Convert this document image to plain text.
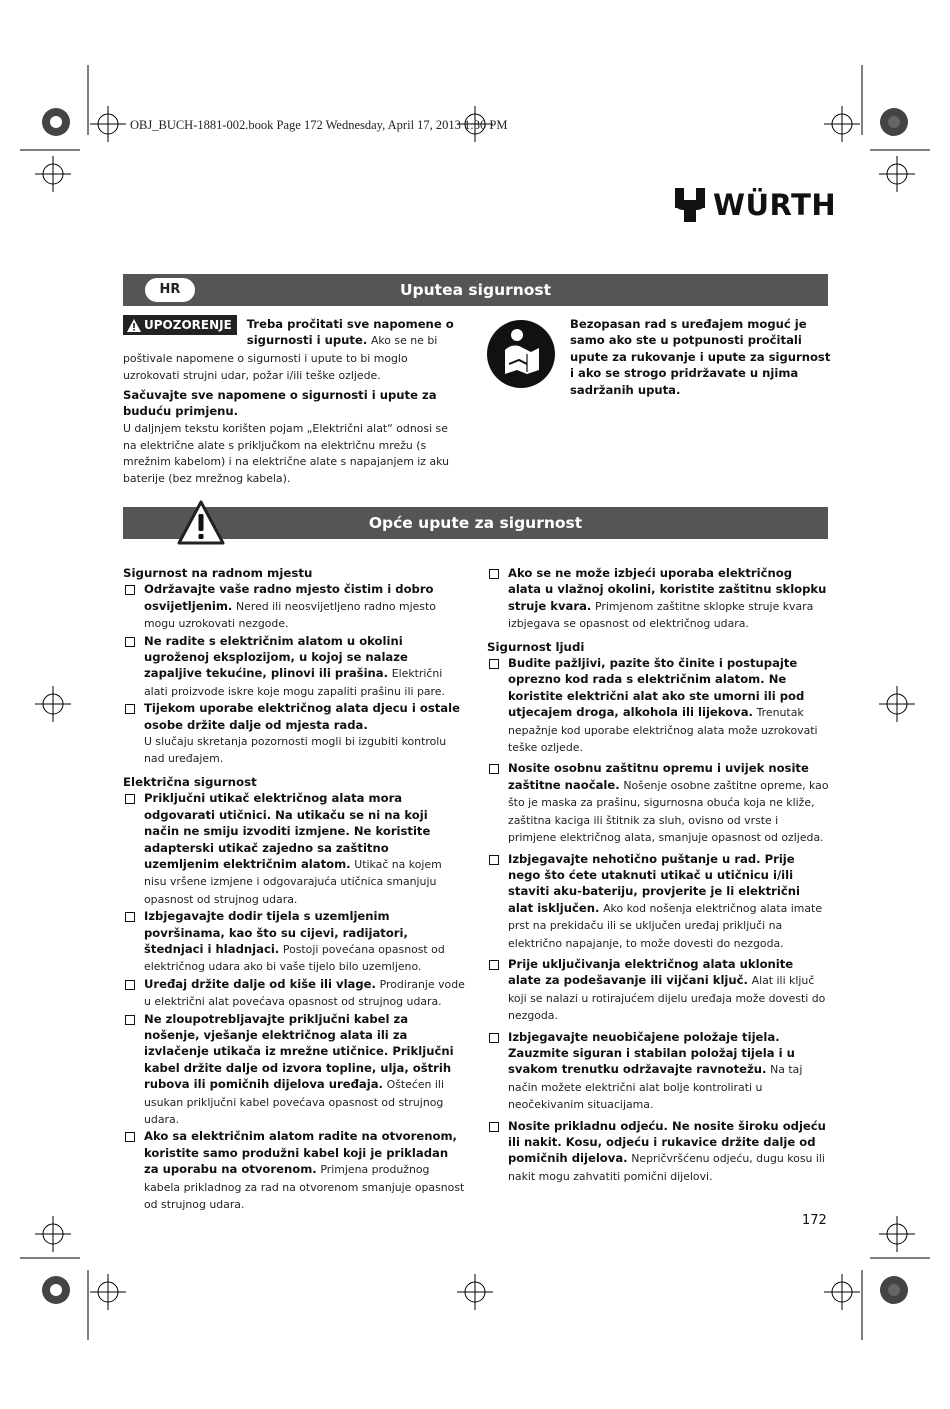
OBJ_BUCH-1881-002.book Page 172 Wednesday, April 17, 2013 1:30 PM
WÜRTH
HR	Uputea sigurnost

UPOZORENJE Treba pročitati sve napomene o sigurnosti i upute. Ako se ne bi poštivale napomene o sigurnosti i upute to bi moglo uzrokovati strujni udar, požar i/ili teške ozljede.

Sačuvajte sve napomene o sigurnosti i upute za buduću primjenu.

U daljnjem tekstu korišten pojam „Električni alat“ odnosi se na električne alate s priključkom na električnu mrežu (s mrežnim kabelom) i na električne alate s napajanjem iz aku baterije (bez mrežnog kabela).

Bezopasan rad s uređajem moguć je samo ako ste u potpunosti pročitali upute za rukovanje i upute za sigurnost i ako se strogo pridržavate u njima sadržanih uputa.
Opće upute za sigurnost

Sigurnost na radnom mjestu

Održavajte vaše radno mjesto čistim i dobro osvijetljenim. Nered ili neosvijetljeno radno mjesto mogu uzrokovati nezgode.

Ne radite s električnim alatom u okolini ugroženoj eksplozijom, u kojoj se nalaze zapaljive tekućine, plinovi ili prašina. Električni alati proizvode iskre koje mogu zapaliti prašinu ili pare.

Tijekom uporabe električnog alata djecu i ostale osobe držite dalje od mjesta rada.
U slučaju skretanja pozornosti mogli bi izgubiti kontrolu nad uređajem.

Električna sigurnost

Priključni utikač električnog alata mora odgovarati utičnici. Na utikaču se ni na koji način ne smiju izvoditi izmjene. Ne koristite adapterski utikač zajedno sa zaštitno uzemljenim električnim alatom. Utikač na kojem nisu vršene izmjene i odgovarajuća utičnica smanjuju opasnost od strujnog udara.

Izbjegavajte dodir tijela s uzemljenim površinama, kao što su cijevi, radijatori, štednjaci i hladnjaci. Postoji povećana opasnost od električnog udara ako bi vaše tijelo bilo uzemljeno.

Uređaj držite dalje od kiše ili vlage. Prodiranje vode u električni alat povećava opasnost od strujnog udara.

Ne zloupotrebljavajte priključni kabel za nošenje, vješanje električnog alata ili za izvlačenje utikača iz mrežne utičnice. Priključni kabel držite dalje od izvora topline, ulja, oštrih rubova ili pomičnih dijelova uređaja. Oštećen ili usukan priključni kabel povećava opasnost od strujnog udara.

Ako sa električnim alatom radite na otvorenom, koristite samo produžni kabel koji je prikladan za uporabu na otvorenom. Primjena produžnog kabela prikladnog za rad na otvorenom smanjuje opasnost od strujnog udara.

Ako se ne može izbjeći uporaba električnog alata u vlažnoj okolini, koristite zaštitnu sklopku struje kvara. Primjenom zaštitne sklopke struje kvara izbjegava se opasnost od električnog udara.

Sigurnost ljudi

Budite pažljivi, pazite što činite i postupajte oprezno kod rada s električnim alatom. Ne koristite električni alat ako ste umorni ili pod utjecajem droga, alkohola ili lijekova. Trenutak nepažnje kod uporabe električnog alata može uzrokovati teške ozljede.

Nosite osobnu zaštitnu opremu i uvijek nosite zaštitne naočale. Nošenje osobne zaštitne opreme, kao što je maska za prašinu, sigurnosna obuća koja ne kliže, zaštitna kaciga ili štitnik za sluh, ovisno od vrste i primjene električnog alata, smanjuje opasnost od ozljeda.

Izbjegavajte nehotično puštanje u rad. Prije nego što ćete utaknuti utikač u utičnicu i/ili staviti aku-bateriju, provjerite je li električni alat isključen. Ako kod nošenja električnog alata imate prst na prekidaču ili se uključen uređaj priključi na električno napajanje, to može dovesti do nezgoda.

Prije uključivanja električnog alata uklonite alate za podešavanje ili vijčani ključ. Alat ili ključ koji se nalazi u rotirajućem dijelu uređaja može dovesti do nezgoda.

Izbjegavajte neuobičajene položaje tijela. Zauzmite siguran i stabilan položaj tijela i u svakom trenutku održavajte ravnotežu. Na taj način možete električni alat bolje kontrolirati u neočekivanim situacijama.

Nosite prikladnu odjeću. Ne nosite široku odjeću ili nakit. Kosu, odjeću i rukavice držite dalje od pomičnih dijelova. Nepričvršćenu odjeću, dugu kosu ili nakit mogu zahvatiti pomični dijelovi.

172
